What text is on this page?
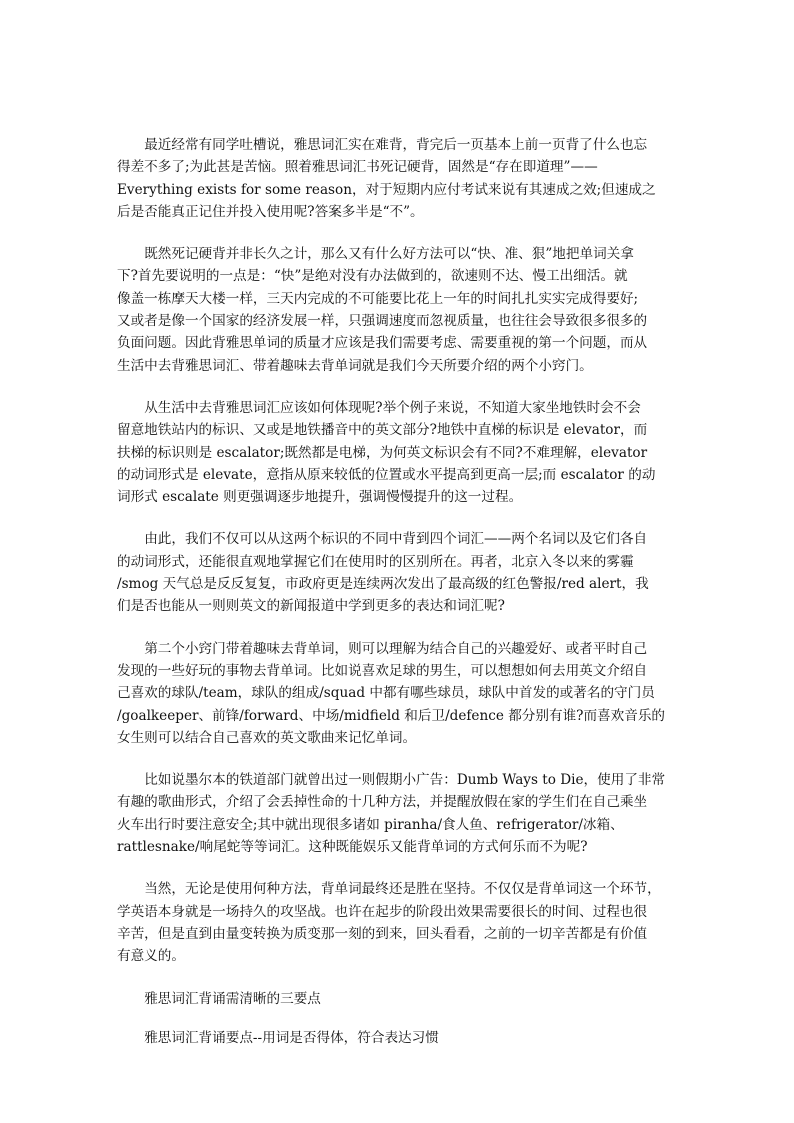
最近经常有同学吐槽说，雅思词汇实在难背，背完后一页基本上前一页背了什么也忘
得差不多了;为此甚是苦恼。照着雅思词汇书死记硬背，固然是“存在即道理”——
Everything exists for some reason，对于短期内应付考试来说有其速成之效;但速成之
后是否能真正记住并投入使用呢?答案多半是“不”。

既然死记硬背并非长久之计，那么又有什么好方法可以“快、准、狠”地把单词关拿
下?首先要说明的一点是：“快”是绝对没有办法做到的，欲速则不达、慢工出细活。就
像盖一栋摩天大楼一样，三天内完成的不可能要比花上一年的时间扎扎实实完成得要好;
又或者是像一个国家的经济发展一样，只强调速度而忽视质量，也往往会导致很多很多的
负面问题。因此背雅思单词的质量才应该是我们需要考虑、需要重视的第一个问题，而从
生活中去背雅思词汇、带着趣味去背单词就是我们今天所要介绍的两个小窍门。

从生活中去背雅思词汇应该如何体现呢?举个例子来说，不知道大家坐地铁时会不会
留意地铁站内的标识、又或是地铁播音中的英文部分?地铁中直梯的标识是 elevator，而
扶梯的标识则是 escalator;既然都是电梯，为何英文标识会有不同?不难理解，elevator
的动词形式是 elevate，意指从原来较低的位置或水平提高到更高一层;而 escalator 的动
词形式 escalate 则更强调逐步地提升，强调慢慢提升的这一过程。

由此，我们不仅可以从这两个标识的不同中背到四个词汇——两个名词以及它们各自
的动词形式，还能很直观地掌握它们在使用时的区别所在。再者，北京入冬以来的雾霾
/smog 天气总是反反复复，市政府更是连续两次发出了最高级的红色警报/red alert，我
们是否也能从一则则英文的新闻报道中学到更多的表达和词汇呢?

第二个小窍门带着趣味去背单词，则可以理解为结合自己的兴趣爱好、或者平时自己
发现的一些好玩的事物去背单词。比如说喜欢足球的男生，可以想想如何去用英文介绍自
己喜欢的球队/team，球队的组成/squad 中都有哪些球员，球队中首发的或著名的守门员
/goalkeeper、前锋/forward、中场/midfield 和后卫/defence 都分别有谁?而喜欢音乐的
女生则可以结合自己喜欢的英文歌曲来记忆单词。

比如说墨尔本的铁道部门就曾出过一则假期小广告：Dumb Ways to Die，使用了非常
有趣的歌曲形式，介绍了会丢掉性命的十几种方法，并提醒放假在家的学生们在自己乘坐
火车出行时要注意安全;其中就出现很多诸如 piranha/食人鱼、refrigerator/冰箱、
rattlesnake/响尾蛇等等词汇。这种既能娱乐又能背单词的方式何乐而不为呢?

当然，无论是使用何种方法，背单词最终还是胜在坚持。不仅仅是背单词这一个环节，
学英语本身就是一场持久的攻坚战。也许在起步的阶段出效果需要很长的时间、过程也很
辛苦，但是直到由量变转换为质变那一刻的到来，回头看看，之前的一切辛苦都是有价值
有意义的。

雅思词汇背诵需清晰的三要点

雅思词汇背诵要点--用词是否得体，符合表达习惯
